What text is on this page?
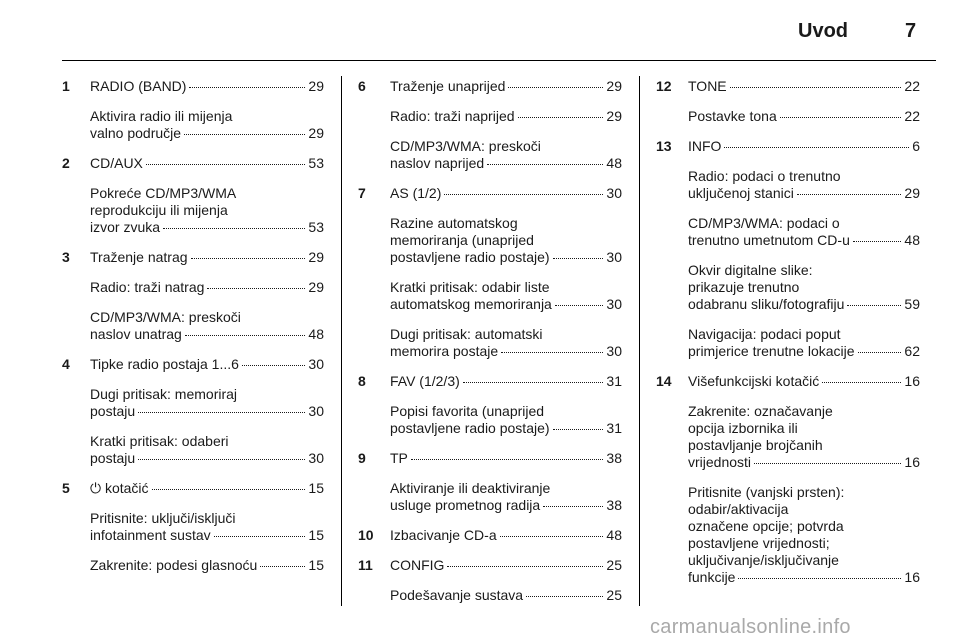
Uvod	7
1	RADIO (BAND)	29
Aktivira radio ili mijenja
valno područje	29
2	CD/AUX	53
Pokreće CD/MP3/WMA
reprodukciju ili mijenja
izvor zvuka	53
3	Traženje natrag	29
Radio: traži natrag	29
CD/MP3/WMA: preskoči
naslov unatrag	48
4	Tipke radio postaja 1...6	30
Dugi pritisak: memoriraj
postaju	30
Kratki pritisak: odaberi
postaju	30
5	⏻ kotačić	15
Pritisnite: uključi/isključi
infotainment sustav	15
Zakrenite: podesi glasnoću	15
6	Traženje unaprijed	29
Radio: traži naprijed	29
CD/MP3/WMA: preskoči
naslov naprijed	48
7	AS (1/2)	30
Razine automatskog
memoriranja (unaprijed
postavljene radio postaje)	30
Kratki pritisak: odabir liste
automatskog memoriranja	30
Dugi pritisak: automatski
memorira postaje	30
8	FAV (1/2/3)	31
Popisi favorita (unaprijed
postavljene radio postaje)	31
9	TP	38
Aktiviranje ili deaktiviranje
usluge prometnog radija	38
10	Izbacivanje CD-a	48
11	CONFIG	25
Podešavanje sustava	25
12	TONE	22
Postavke tona	22
13	INFO	6
Radio: podaci o trenutno
uključenoj stanici	29
CD/MP3/WMA: podaci o
trenutno umetnutom CD-u	48
Okvir digitalne slike:
prikazuje trenutno
odabranu sliku/fotografiju	59
Navigacija: podaci poput
primjerice trenutne lokacije	62
14	Višefunkcijski kotačić	16
Zakrenite: označavanje
opcija izbornika ili
postavljanje brojčanih
vrijednosti	16
Pritisnite (vanjski prsten):
odabir/aktivacija
označene opcije; potvrda
postavljene vrijednosti;
uključivanje/isključivanje
funkcije	16
carmanualsonline.info
